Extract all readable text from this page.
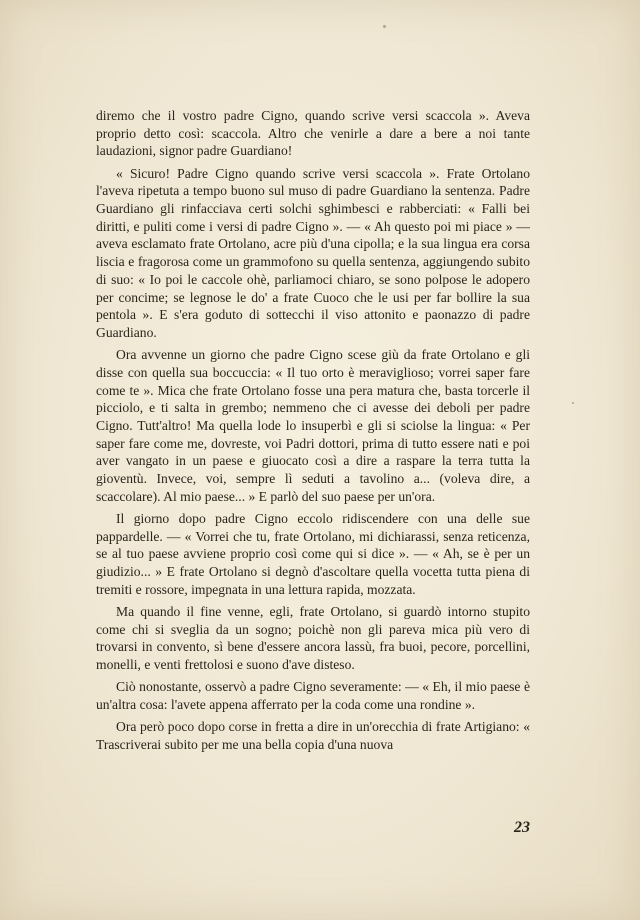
diremo che il vostro padre Cigno, quando scrive versi scaccola ». Aveva proprio detto così: scaccola. Altro che venirle a dare a bere a noi tante laudazioni, signor padre Guardiano!

« Sicuro! Padre Cigno quando scrive versi scaccola ». Frate Ortolano l'aveva ripetuta a tempo buono sul muso di padre Guardiano la sentenza. Padre Guardiano gli rinfacciava certi solchi sghimbesci e rabberciati: « Falli bei diritti, e puliti come i versi di padre Cigno ». — « Ah questo poi mi piace » — aveva esclamato frate Ortolano, acre più d'una cipolla; e la sua lingua era corsa liscia e fragorosa come un grammofono su quella sentenza, aggiungendo subito di suo: « Io poi le caccole ohè, parliamoci chiaro, se sono polpose le adopero per concime; se legnose le do' a frate Cuoco che le usi per far bollire la sua pentola ». E s'era goduto di sottecchi il viso attonito e paonazzo di padre Guardiano.

Ora avvenne un giorno che padre Cigno scese giù da frate Ortolano e gli disse con quella sua boccuccia: « Il tuo orto è meraviglioso; vorrei saper fare come te ». Mica che frate Ortolano fosse una pera matura che, basta torcerle il picciolo, e ti salta in grembo; nemmeno che ci avesse dei deboli per padre Cigno. Tutt'altro! Ma quella lode lo insuperbì e gli si sciolse la lingua: « Per saper fare come me, dovreste, voi Padri dottori, prima di tutto essere nati e poi aver vangato in un paese e giuocato così a dire a raspare la terra tutta la gioventù. Invece, voi, sempre lì seduti a tavolino a... (voleva dire, a scaccolare). Al mio paese... » E parlò del suo paese per un'ora.

Il giorno dopo padre Cigno eccolo ridiscendere con una delle sue pappardelle. — « Vorrei che tu, frate Ortolano, mi dichiarassi, senza reticenza, se al tuo paese avviene proprio così come qui si dice ». — « Ah, se è per un giudizio... » E frate Ortolano si degnò d'ascoltare quella vocetta tutta piena di tremiti e rossore, impegnata in una lettura rapida, mozzata.

Ma quando il fine venne, egli, frate Ortolano, si guardò intorno stupito come chi si sveglia da un sogno; poichè non gli pareva mica più vero di trovarsi in convento, sì bene d'essere ancora lassù, fra buoi, pecore, porcellini, monelli, e venti frettolosi e suono d'ave disteso.

Ciò nonostante, osservò a padre Cigno severamente: — « Eh, il mio paese è un'altra cosa: l'avete appena afferrato per la coda come una rondine ».

Ora però poco dopo corse in fretta a dire in un'orecchia di frate Artigiano: « Trascriverai subito per me una bella copia d'una nuova

23
